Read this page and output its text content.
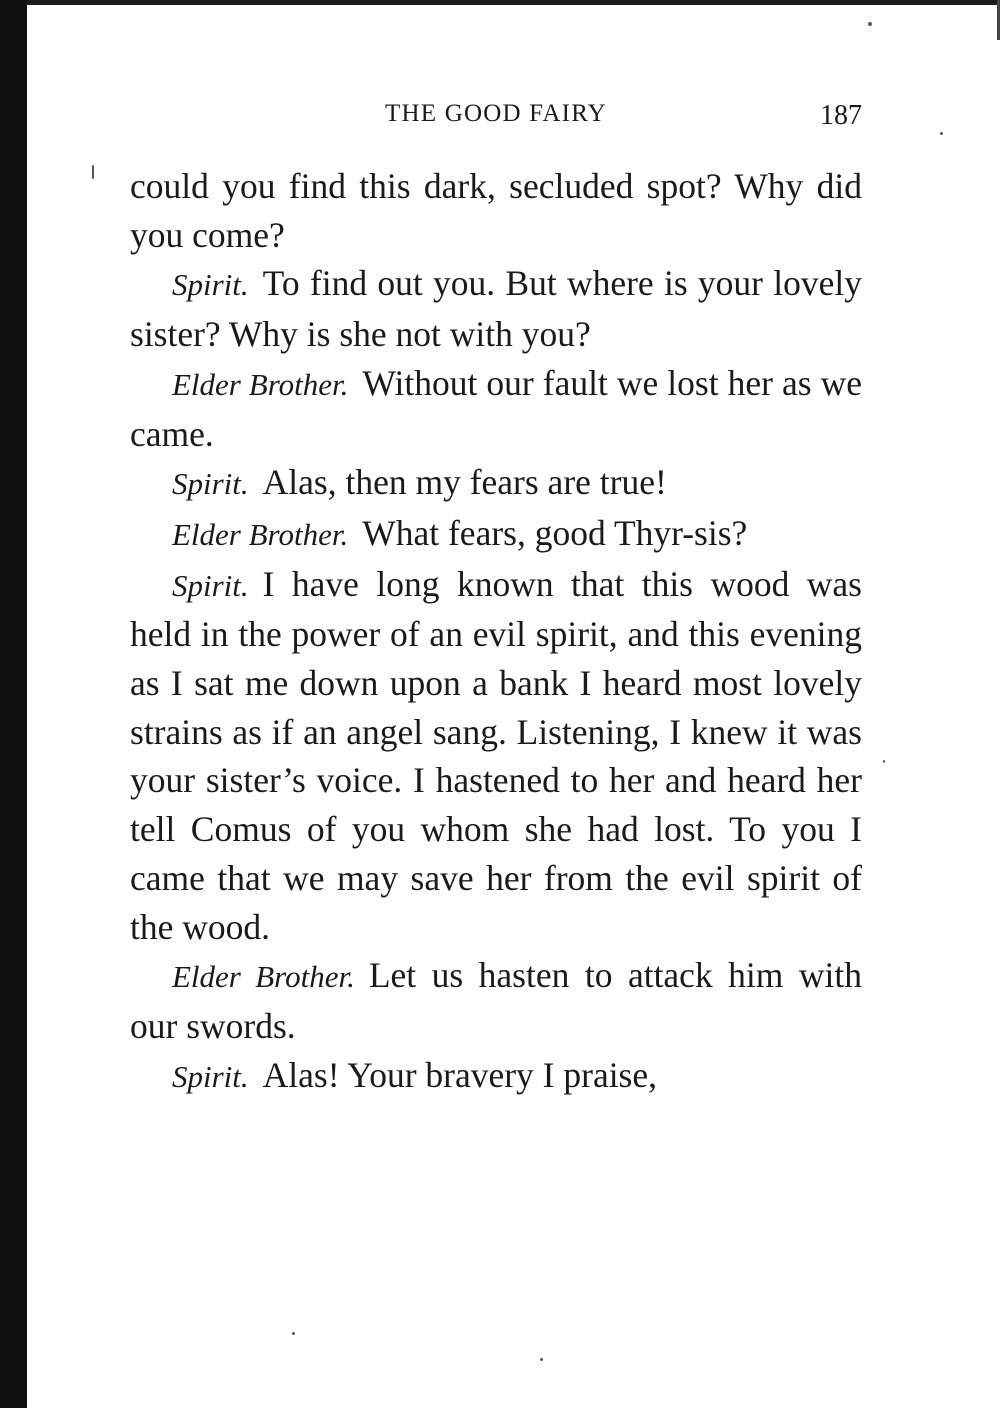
THE GOOD FAIRY	187

could you find this dark, secluded spot? Why did you come?

Spirit. To find out you. But where is your lovely sister? Why is she not with you?

Elder Brother. Without our fault we lost her as we came.

Spirit. Alas, then my fears are true!

Elder Brother. What fears, good Thyr-sis?

Spirit. I have long known that this wood was held in the power of an evil spirit, and this evening as I sat me down upon a bank I heard most lovely strains as if an angel sang. Listening, I knew it was your sister’s voice. I hastened to her and heard her tell Comus of you whom she had lost. To you I came that we may save her from the evil spirit of the wood.

Elder Brother. Let us hasten to attack him with our swords.

Spirit. Alas! Your bravery I praise,
